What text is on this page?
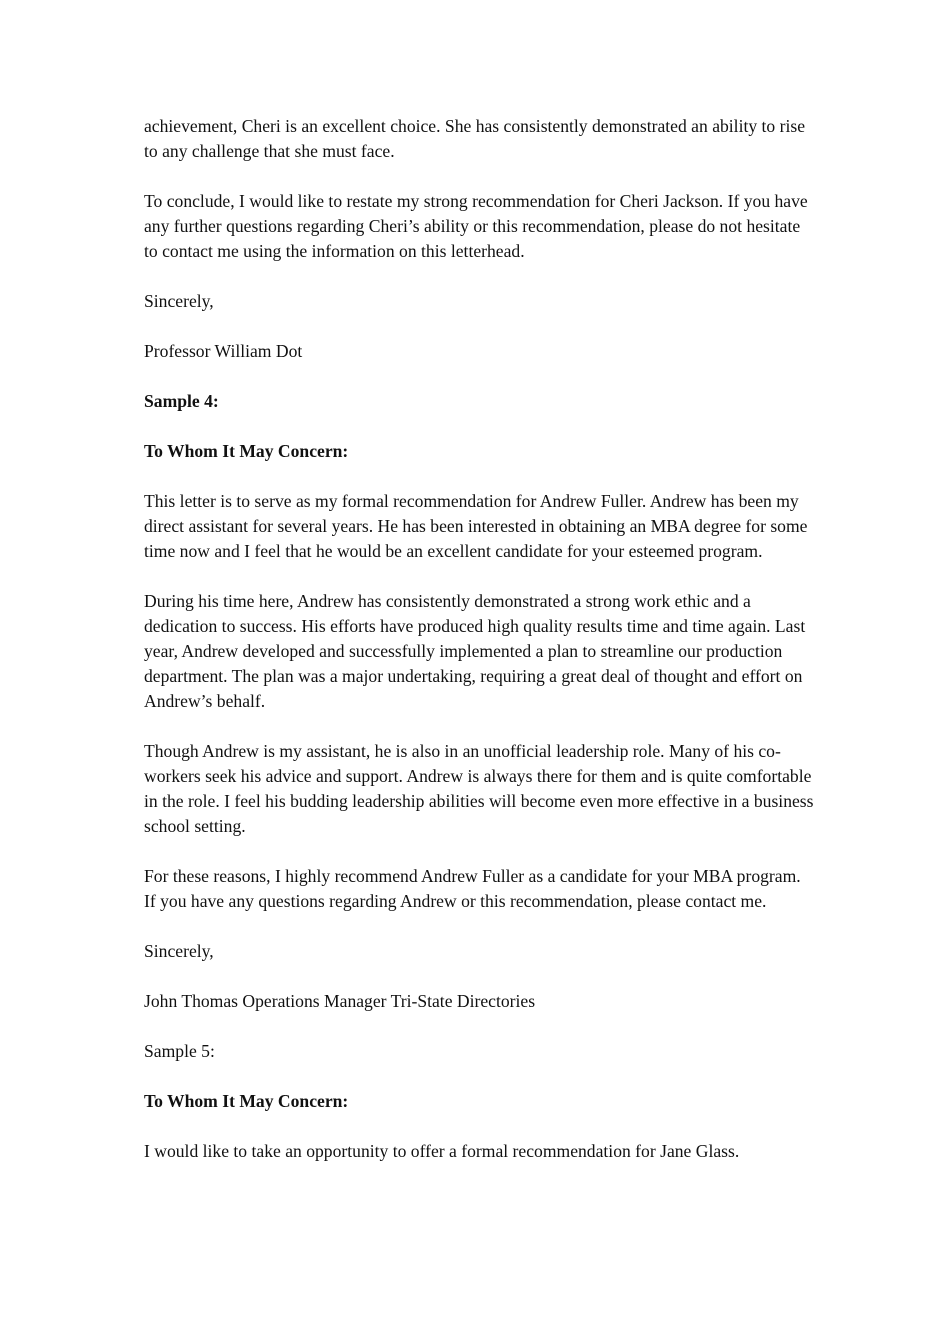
achievement, Cheri is an excellent choice. She has consistently demonstrated an ability to rise to any challenge that she must face.

To conclude, I would like to restate my strong recommendation for Cheri Jackson. If you have any further questions regarding Cheri’s ability or this recommendation, please do not hesitate to contact me using the information on this letterhead.

Sincerely,

Professor William Dot

Sample 4:

To Whom It May Concern:

This letter is to serve as my formal recommendation for Andrew Fuller. Andrew has been my direct assistant for several years. He has been interested in obtaining an MBA degree for some time now and I feel that he would be an excellent candidate for your esteemed program.

During his time here, Andrew has consistently demonstrated a strong work ethic and a dedication to success. His efforts have produced high quality results time and time again. Last year, Andrew developed and successfully implemented a plan to streamline our production department. The plan was a major undertaking, requiring a great deal of thought and effort on Andrew’s behalf.

Though Andrew is my assistant, he is also in an unofficial leadership role. Many of his co-workers seek his advice and support. Andrew is always there for them and is quite comfortable in the role. I feel his budding leadership abilities will become even more effective in a business school setting.

For these reasons, I highly recommend Andrew Fuller as a candidate for your MBA program. If you have any questions regarding Andrew or this recommendation, please contact me.

Sincerely,

John Thomas Operations Manager Tri-State Directories

Sample 5:

To Whom It May Concern:

I would like to take an opportunity to offer a formal recommendation for Jane Glass.
